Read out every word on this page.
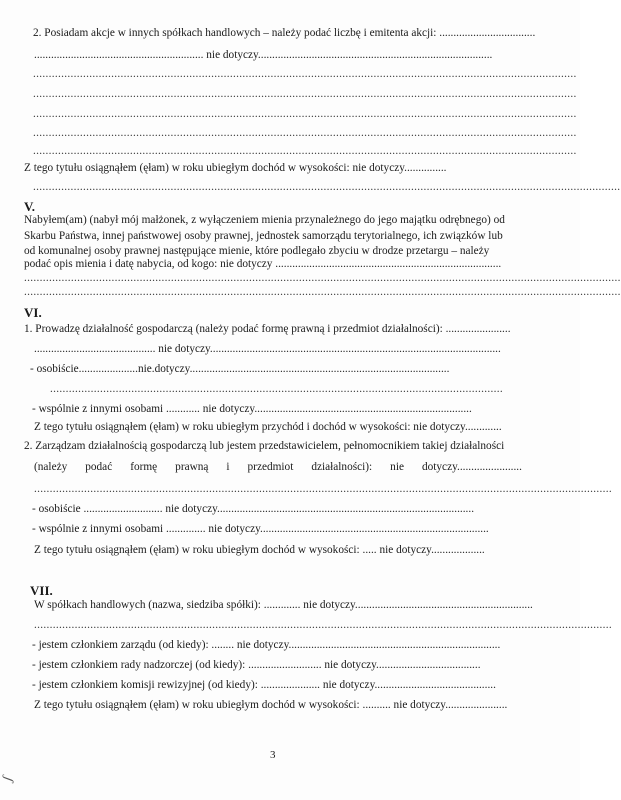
2. Posiadam akcje w innych spółkach handlowych – należy podać liczbę i emitenta akcji: ..................................
............................................................ nie dotyczy...................................................................................
..............................................................................................................................................................................
..............................................................................................................................................................................
..............................................................................................................................................................................
..............................................................................................................................................................................
..............................................................................................................................................................................
Z tego tytułu osiągnąłem (ęłam) w roku ubiegłym dochód w wysokości: nie dotyczy...............
............................................................................................................................................................................................
V.
Nabyłem(am) (nabył mój małżonek, z wyłączeniem mienia przynależnego do jego majątku odrębnego) od
Skarbu Państwa, innej państwowej osoby prawnej, jednostek samorządu terytorialnego, ich związków lub
od komunalnej osoby prawnej następujące mienie, które podlegało zbyciu w drodze przetargu – należy
podać opis mienia i datę nabycia, od kogo: nie dotyczy ................................................................................
...............................................................................................................................................................................................
...............................................................................................................................................................................................
VI.
1. Prowadzę działalność gospodarczą (należy podać formę prawną i przedmiot działalności): .......................
........................................... nie dotyczy.......................................................................................................
- osobiście.....................nie.dotyczy............................................................................................
.................................................................................................................................................
- wspólnie z innymi osobami ............ nie dotyczy.............................................................................
Z tego tytułu osiągnąłem (ęłam) w roku ubiegłym przychód i dochód w wysokości: nie dotyczy.............
2. Zarządzam działalnością gospodarczą lub jestem przedstawicielem, pełnomocnikiem takiej działalności
(należy podać formę prawną i przedmiot działalności): nie dotyczy.......................
.........................................................................................................................................................................................
- osobiście ............................ nie dotyczy...........................................................................................
- wspólnie z innymi osobami .............. nie dotyczy.................................................................................
Z tego tytułu osiągnąłem (ęłam) w roku ubiegłym dochód w wysokości: ..... nie dotyczy...................
VII.
W spółkach handlowych (nazwa, siedziba spółki): ............. nie dotyczy...............................................................
.........................................................................................................................................................................................
- jestem członkiem zarządu (od kiedy): ........ nie dotyczy...........................................................................
- jestem członkiem rady nadzorczej (od kiedy): .......................... nie dotyczy.....................................
- jestem członkiem komisji rewizyjnej (od kiedy): ..................... nie dotyczy...........................................
Z tego tytułu osiągnąłem (ęłam) w roku ubiegłym dochód w wysokości: .......... nie dotyczy......................
3
ʃ
